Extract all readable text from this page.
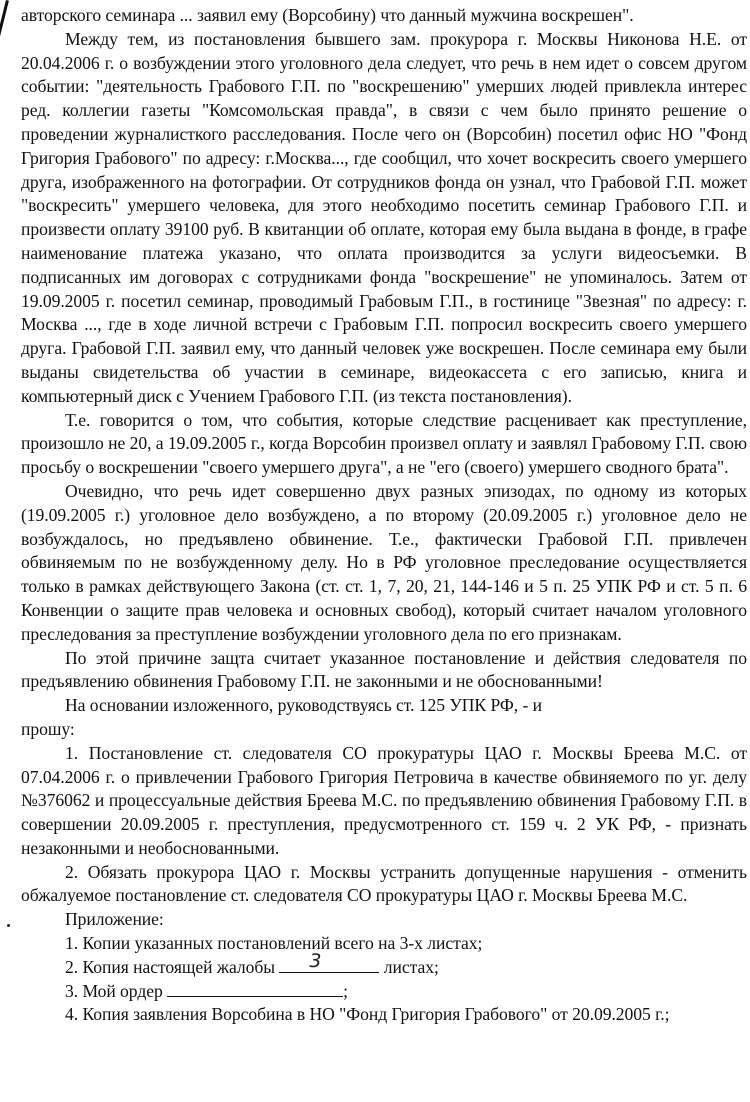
авторского семинара ... заявил ему (Ворсобину) что данный мужчина воскрешен".

Между тем, из постановления бывшего зам. прокурора г. Москвы Никонова Н.Е. от 20.04.2006 г. о возбуждении этого уголовного дела следует, что речь в нем идет о совсем другом событии: "деятельность Грабового Г.П. по "воскрешению" умерших людей привлекла интерес ред. коллегии газеты "Комсомольская правда", в связи с чем было принято решение о проведении журналисткого расследования. После чего он (Ворсобин) посетил офис НО "Фонд Григория Грабового" по адресу: г.Москва..., где сообщил, что хочет воскресить своего умершего друга, изображенного на фотографии. От сотрудников фонда он узнал, что Грабовой Г.П. может "воскресить" умершего человека, для этого необходимо посетить семинар Грабового Г.П. и произвести оплату 39100 руб. В квитанции об оплате, которая ему была выдана в фонде, в графе наименование платежа указано, что оплата производится за услуги видеосъемки. В подписанных им договорах с сотрудниками фонда "воскрешение" не упоминалось. Затем от 19.09.2005 г. посетил семинар, проводимый Грабовым Г.П., в гостинице "Звезная" по адресу: г. Москва ..., где в ходе личной встречи с Грабовым Г.П. попросил воскресить своего умершего друга. Грабовой Г.П. заявил ему, что данный человек уже воскрешен. После семинара ему были выданы свидетельства об участии в семинаре, видеокассета с его записью, книга и компьютерный диск с Учением Грабового Г.П. (из текста постановления).

Т.е. говорится о том, что события, которые следствие расценивает как преступление, произошло не 20, а 19.09.2005 г., когда Ворсобин произвел оплату и заявлял Грабовому Г.П. свою просьбу о воскрешении "своего умершего друга", а не "его (своего) умершего сводного брата".

Очевидно, что речь идет совершенно двух разных эпизодах, по одному из которых (19.09.2005 г.) уголовное дело возбуждено, а по второму (20.09.2005 г.) уголовное дело не возбуждалось, но предъявлено обвинение. Т.е., фактически Грабовой Г.П. привлечен обвиняемым по не возбужденному делу. Но в РФ уголовное преследование осуществляется только в рамках действующего Закона (ст. ст. 1, 7, 20, 21, 144-146 и 5 п. 25 УПК РФ и ст. 5 п. 6 Конвенции о защите прав человека и основных свобод), который считает началом уголовного преследования за преступление возбуждении уголовного дела по его признакам.

По этой причине защта считает указанное постановление и действия следователя по предъявлению обвинения Грабовому Г.П. не законными и не обоснованными!

На основании изложенного, руководствуясь ст. 125 УПК РФ, - и

прошу:

1. Постановление ст. следователя СО прокуратуры ЦАО г. Москвы Бреева М.С. от 07.04.2006 г. о привлечении Грабового Григория Петровича в качестве обвиняемого по уг. делу №376062 и процессуальные действия Бреева М.С. по предъявлению обвинения Грабовому Г.П. в совершении 20.09.2005 г. преступления, предусмотренного ст. 159 ч. 2 УК РФ, - признать незаконными и необоснованными.

2. Обязать прокурора ЦАО г. Москвы устранить допущенные нарушения - отменить обжалуемое постановление ст. следователя СО прокуратуры ЦАО г. Москвы Бреева М.С.

Приложение:

1. Копии указанных постановлений всего на 3-х листах;

2. Копия настоящей жалобы 3	листах;

3. Мой ордер	;

4. Копия заявления Ворсобина в НО "Фонд Григория Грабового" от 20.09.2005 г.;
